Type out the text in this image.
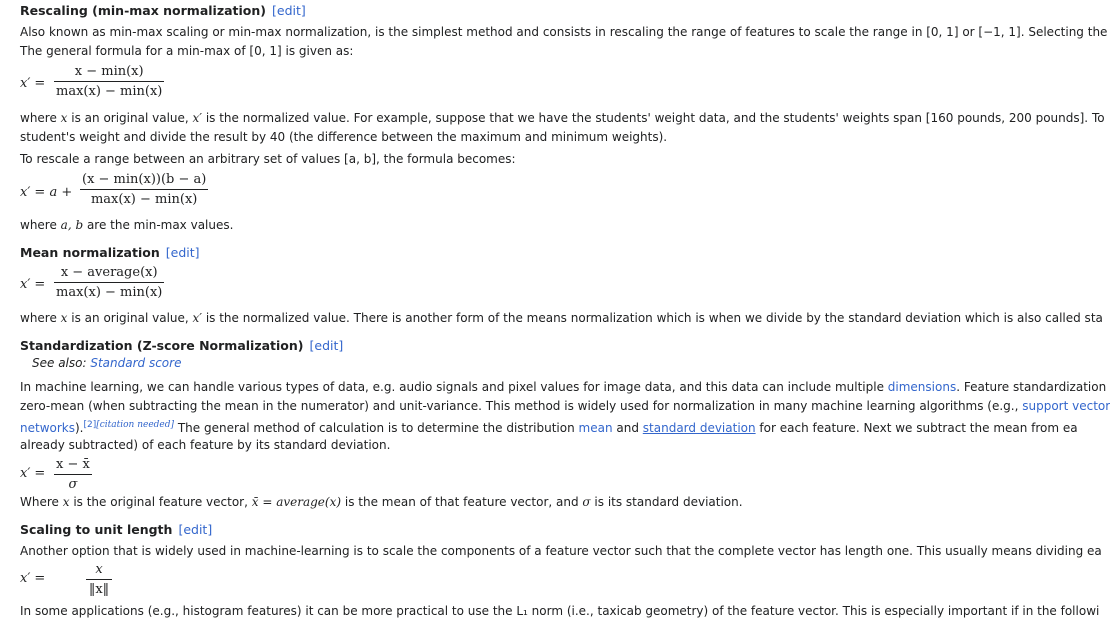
Rescaling (min-max normalization) [edit]
Also known as min-max scaling or min-max normalization, is the simplest method and consists in rescaling the range of features to scale the range in [0, 1] or [−1, 1]. Selecting the
The general formula for a min-max of [0, 1] is given as:
x′ =
x − min(x)
max(x) − min(x)
where x is an original value, x′ is the normalized value. For example, suppose that we have the students' weight data, and the students' weights span [160 pounds, 200 pounds]. To
student's weight and divide the result by 40 (the difference between the maximum and minimum weights).
To rescale a range between an arbitrary set of values [a, b], the formula becomes:
x′ = a +
(x − min(x))(b − a)
max(x) − min(x)
where a, b are the min-max values.
Mean normalization [edit]
x′ =
x − average(x)
max(x) − min(x)
where x is an original value, x′ is the normalized value. There is another form of the means normalization which is when we divide by the standard deviation which is also called sta
Standardization (Z-score Normalization) [edit]
See also: Standard score
In machine learning, we can handle various types of data, e.g. audio signals and pixel values for image data, and this data can include multiple dimensions. Feature standardization
zero-mean (when subtracting the mean in the numerator) and unit-variance. This method is widely used for normalization in many machine learning algorithms (e.g., support vector
networks).[2][citation needed] The general method of calculation is to determine the distribution mean and standard deviation for each feature. Next we subtract the mean from ea
already subtracted) of each feature by its standard deviation.
x′ =
x − x̄
σ
Where x is the original feature vector, x̄ = average(x) is the mean of that feature vector, and σ is its standard deviation.
Scaling to unit length [edit]
Another option that is widely used in machine-learning is to scale the components of a feature vector such that the complete vector has length one. This usually means dividing ea
x′ =
x
‖x‖
In some applications (e.g., histogram features) it can be more practical to use the L₁ norm (i.e., taxicab geometry) of the feature vector. This is especially important if in the followi
